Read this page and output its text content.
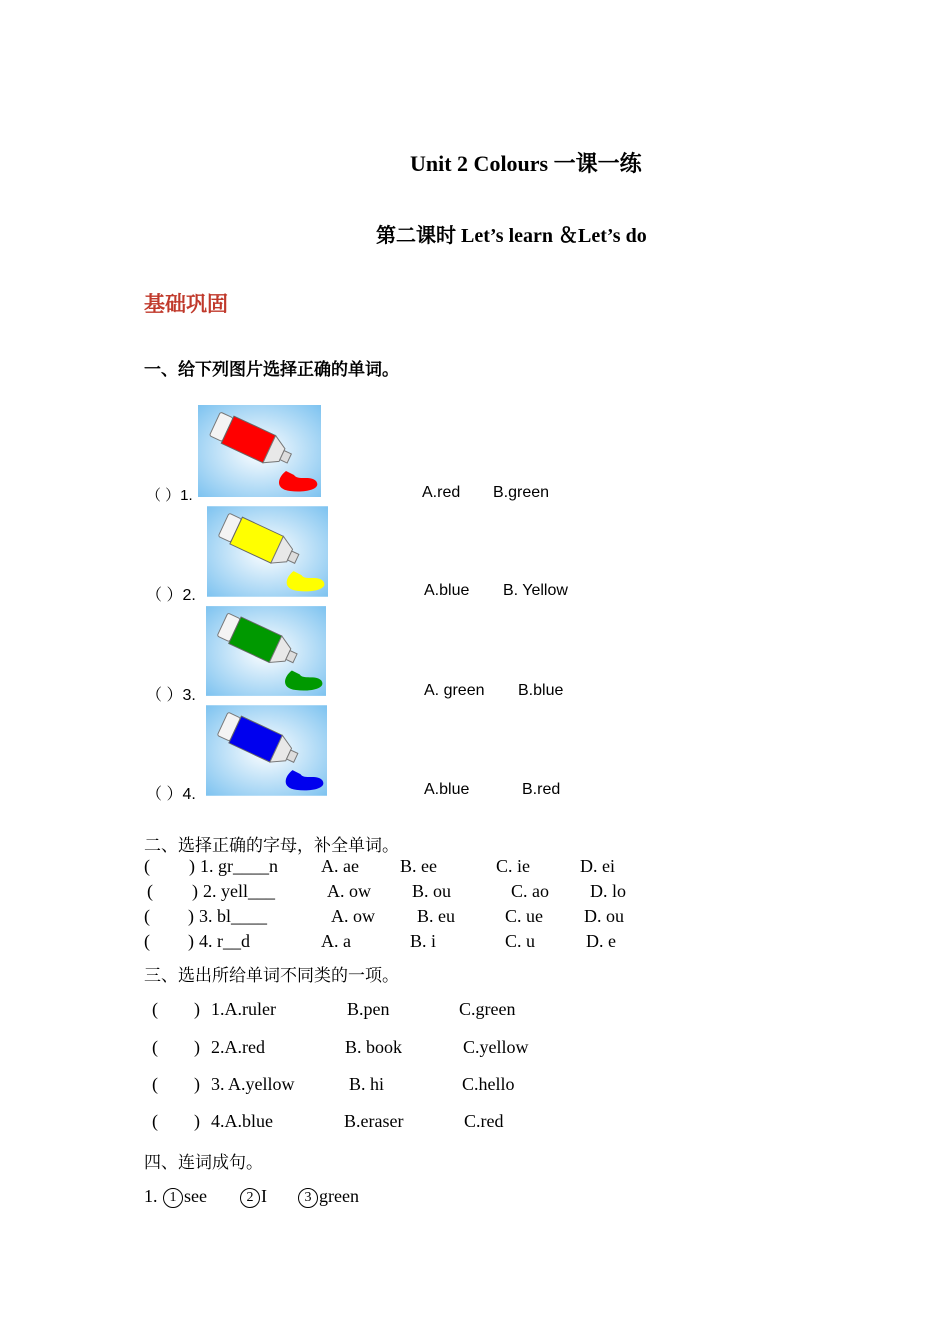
Unit 2 Colours 一课一练
第二课时 Let’s learn ＆Let’s do
基础巩固
一、给下列图片选择正确的单词。
（ ）1.	A.red B.green
（ ）2.	A.blue B. Yellow
（ ）3.	A. green B.blue
（ ）4.	A.blue	B.red
二、选择正确的字母，补全单词。
( ) 1. gr____n A. ae B. ee	C. ie	D. ei
( ) 2. yell___	A. ow B. ou	C. ao D. lo
( ) 3. bl____	A. ow B. eu	C. ue D. ou
( ) 4. r__d	A. a	B. i	C. u	D. e
三、选出所给单词不同类的一项。
( ) 1.A.ruler	B.pen	C.green
( ) 2.A.red	B. book	C.yellow
( ) 3. A.yellow	B. hi	C.hello
( ) 4.A.blue	B.eraser	C.red
四、连词成句。
1. 1 see	2 I	3 green
